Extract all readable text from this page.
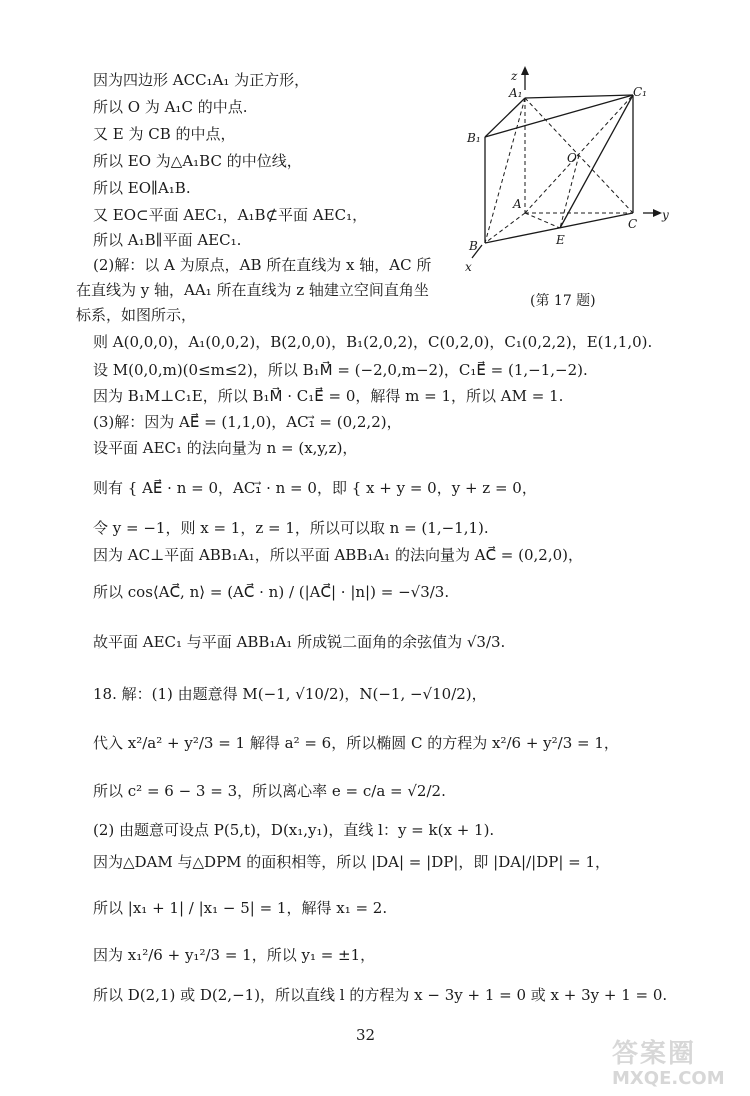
因为四边形 ACC₁A₁ 为正方形，
所以 O 为 A₁C 的中点.
又 E 为 CB 的中点，
所以 EO 为△A₁BC 的中位线，
所以 EO∥A₁B.
又 EO⊂平面 AEC₁，A₁B⊄平面 AEC₁，
所以 A₁B∥平面 AEC₁.
(2)解：以 A 为原点，AB 所在直线为 x 轴，AC 所
在直线为 y 轴，AA₁ 所在直线为 z 轴建立空间直角坐
标系，如图所示，
则 A(0,0,0)，A₁(0,0,2)，B(2,0,0)，B₁(2,0,2)，C(0,2,0)，C₁(0,2,2)，E(1,1,0).
设 M(0,0,m)(0≤m≤2)，所以 B₁M⃗ = (−2,0,m−2)，C₁E⃗ = (1,−1,−2).
因为 B₁M⊥C₁E，所以 B₁M⃗ · C₁E⃗ = 0，解得 m = 1，所以 AM = 1.
(3)解：因为 AE⃗ = (1,1,0)，AC₁⃗ = (0,2,2)，
设平面 AEC₁ 的法向量为 n = (x,y,z)，
则有 { AE⃗ · n = 0，AC₁⃗ · n = 0，即 { x + y = 0，y + z = 0，
令 y = −1，则 x = 1，z = 1，所以可以取 n = (1,−1,1).
因为 AC⊥平面 ABB₁A₁，所以平面 ABB₁A₁ 的法向量为 AC⃗ = (0,2,0)，
所以 cos⟨AC⃗, n⟩ = (AC⃗ · n) / (|AC⃗| · |n|) = −√3/3.
故平面 AEC₁ 与平面 ABB₁A₁ 所成锐二面角的余弦值为 √3/3.
18. 解：(1) 由题意得 M(−1, √10/2)，N(−1, −√10/2)，
代入 x²/a² + y²/3 = 1 解得 a² = 6，所以椭圆 C 的方程为 x²/6 + y²/3 = 1，
所以 c² = 6 − 3 = 3，所以离心率 e = c/a = √2/2.
(2) 由题意可设点 P(5,t)，D(x₁,y₁)，直线 l：y = k(x + 1).
因为△DAM 与△DPM 的面积相等，所以 |DA| = |DP|，即 |DA|/|DP| = 1，
所以 |x₁ + 1| / |x₁ − 5| = 1，解得 x₁ = 2.
因为 x₁²/6 + y₁²/3 = 1，所以 y₁ = ±1，
所以 D(2,1) 或 D(2,−1)，所以直线 l 的方程为 x − 3y + 1 = 0 或 x + 3y + 1 = 0.
z
y
x
A₁	C₁
B₁
O
A
C
B	E
(第 17 题)
32
答案圈
MXQE.COM
